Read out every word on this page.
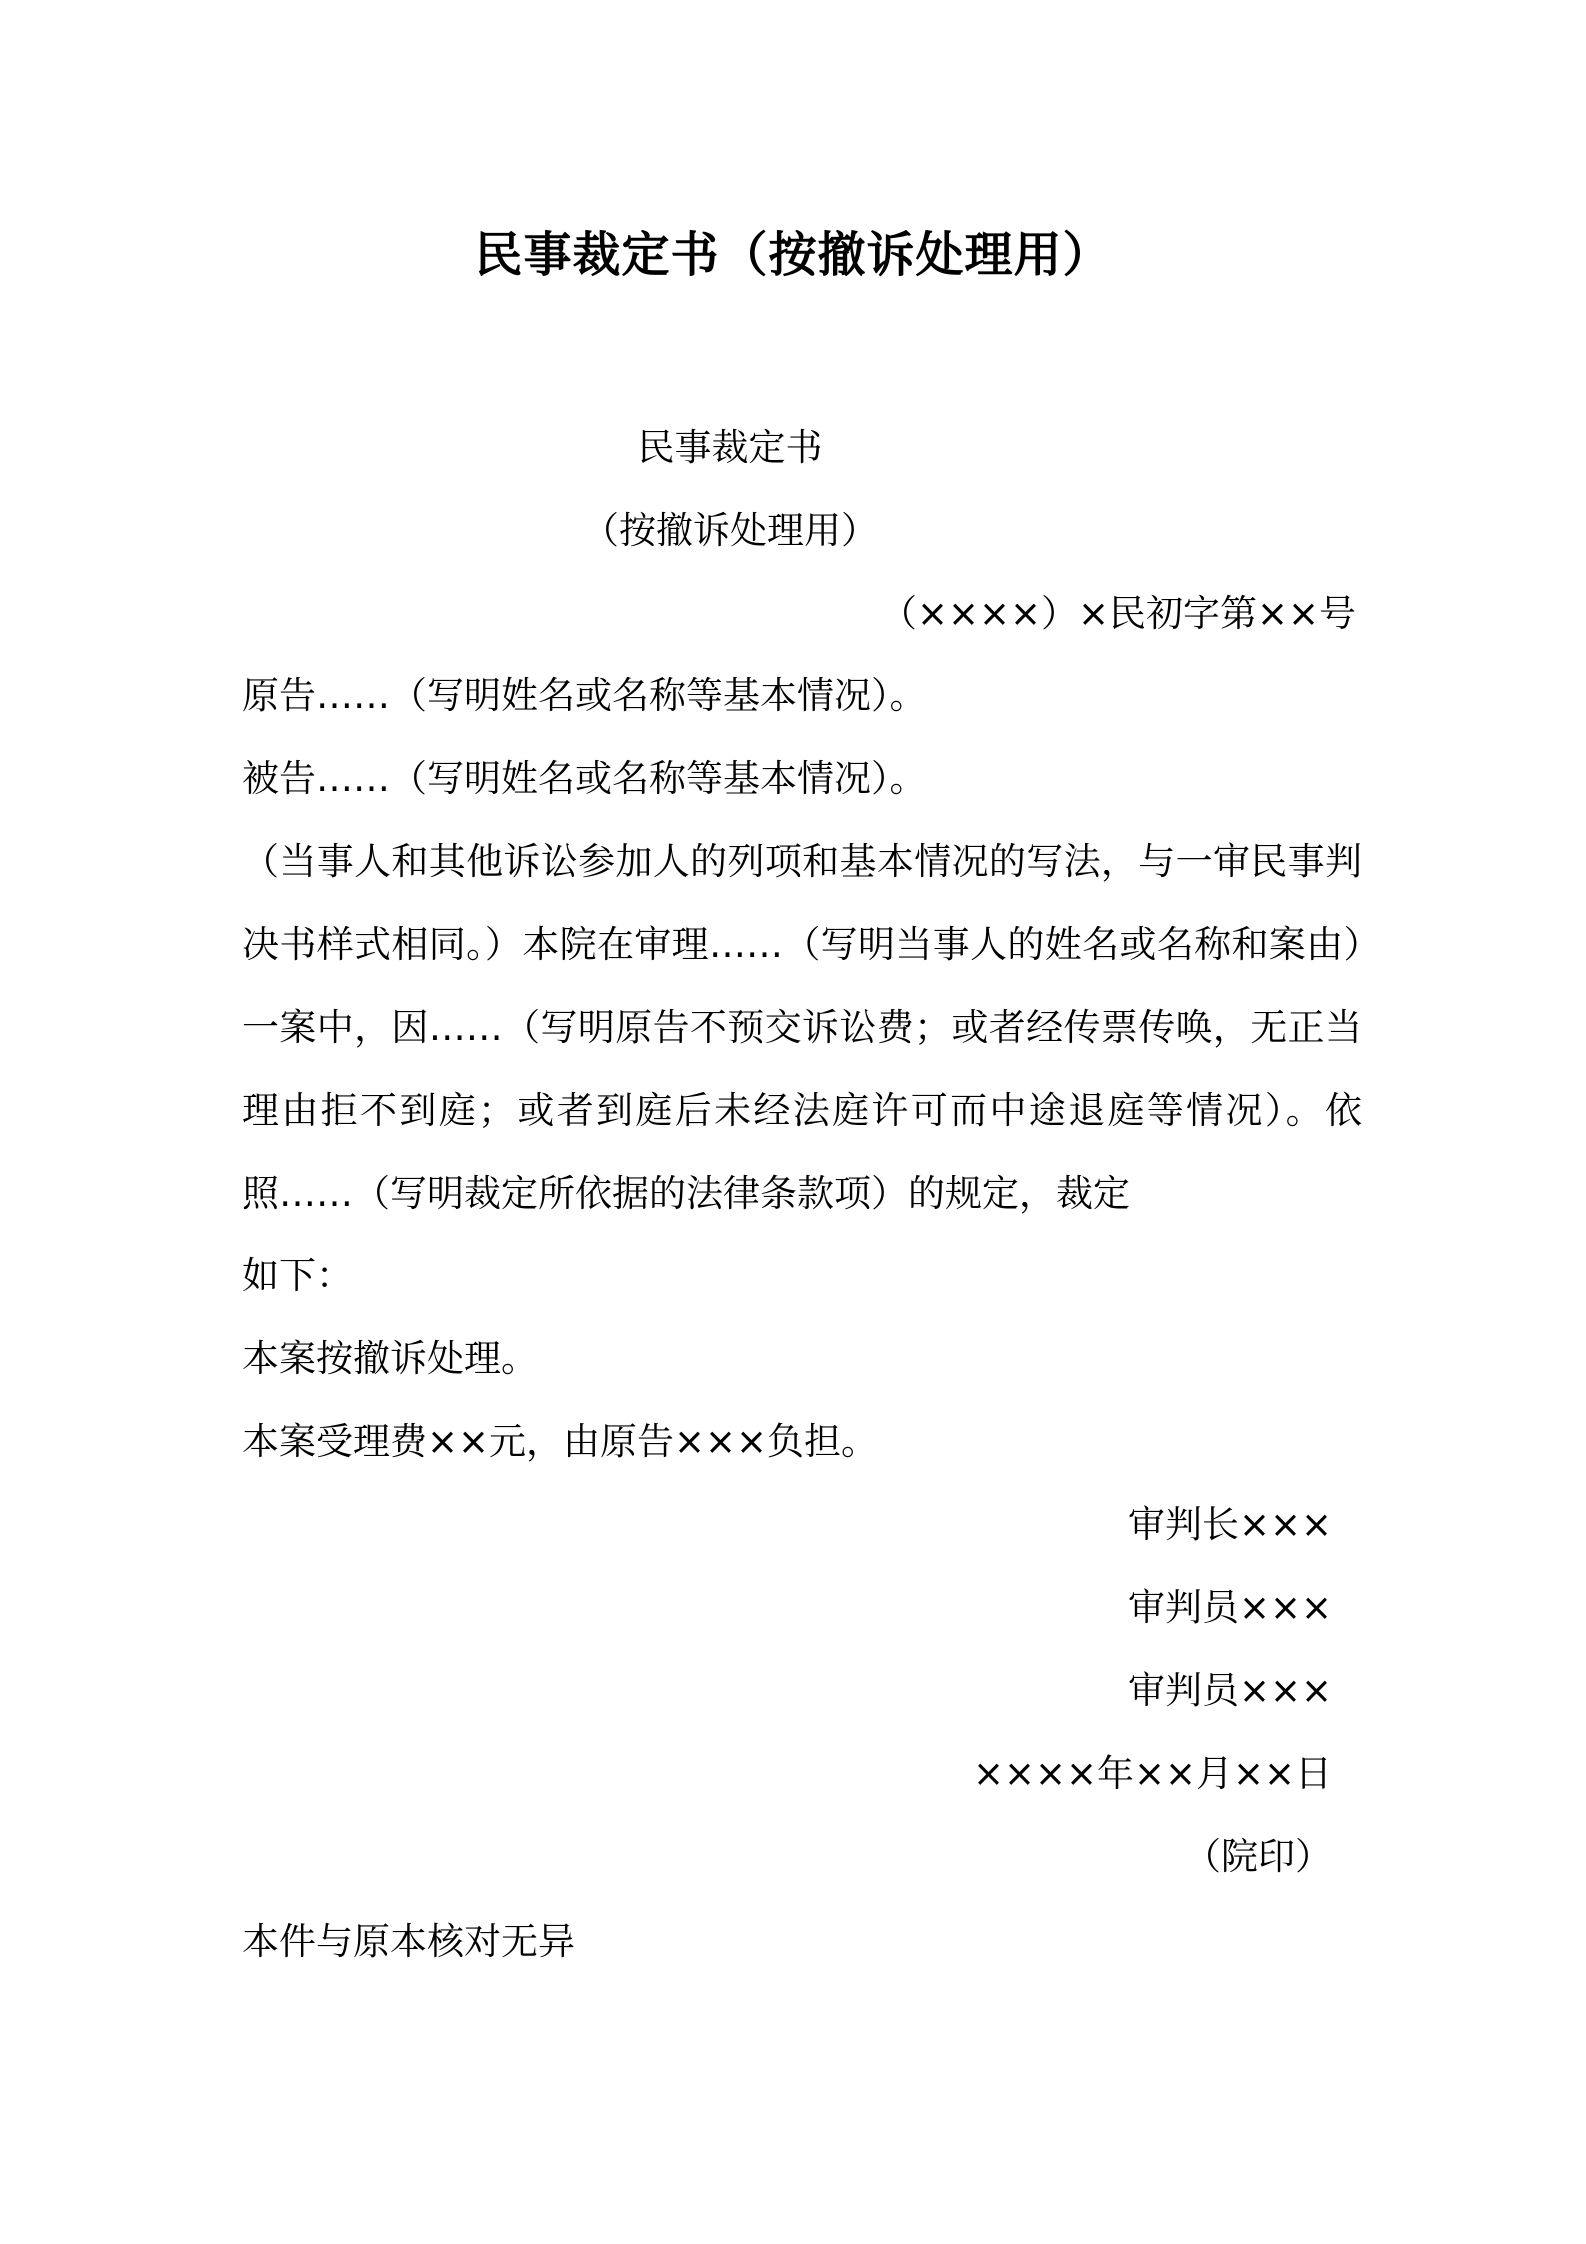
民事裁定书（按撤诉处理用）
民事裁定书
（按撤诉处理用）
（××××）×民初字第××号
原告……（写明姓名或名称等基本情况）。
被告……（写明姓名或名称等基本情况）。
（当事人和其他诉讼参加人的列项和基本情况的写法，与一审民事判决书样式相同。）本院在审理……（写明当事人的姓名或名称和案由）一案中，因……（写明原告不预交诉讼费；或者经传票传唤，无正当理由拒不到庭；或者到庭后未经法庭许可而中途退庭等情况）。依照……（写明裁定所依据的法律条款项）的规定，裁定
如下：
本案按撤诉处理。
本案受理费××元，由原告×××负担。
审判长×××
审判员×××
审判员×××
××××年××月××日
（院印）
本件与原本核对无异
